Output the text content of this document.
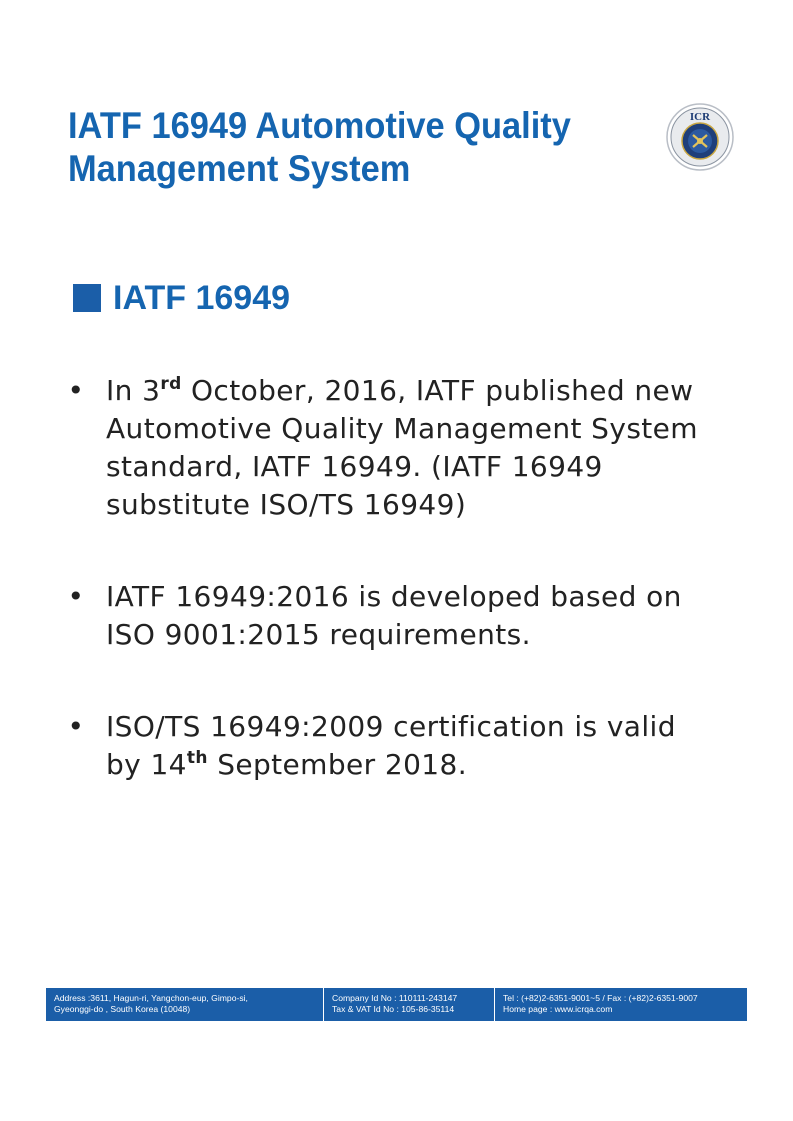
IATF 16949 Automotive Quality
Management System
ICR
IATF 16949
• In 3rd October, 2016, IATF published new Automotive Quality Management System standard, IATF 16949. (IATF 16949 substitute ISO/TS 16949)
• IATF 16949:2016 is developed based on ISO 9001:2015 requirements.
• ISO/TS 16949:2009 certification is valid by 14th September 2018.
Address :3611, Hagun-ri, Yangchon-eup, Gimpo-si,
Gyeonggi-do , South Korea (10048)
Company Id No : 110111-243147
Tax & VAT Id No : 105-86-35114
Tel : (+82)2-6351-9001~5 / Fax : (+82)2-6351-9007
Home page : www.icrqa.com
